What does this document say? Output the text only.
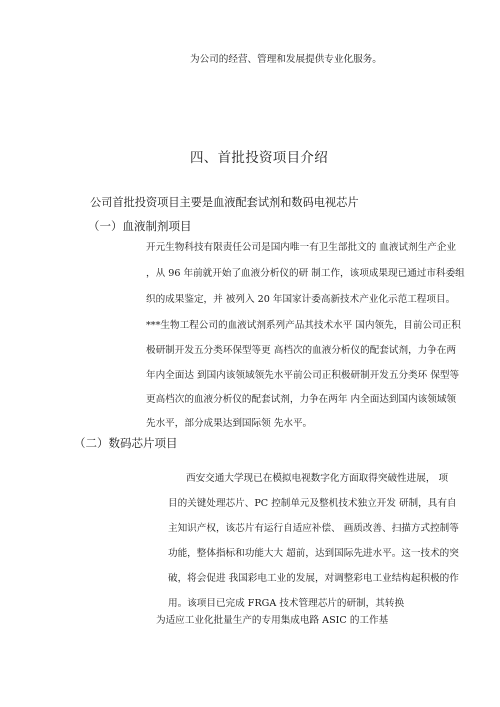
为公司的经营、管理和发展提供专业化服务。
四、首批投资项目介绍
公司首批投资项目主要是血液配套试剂和数码电视芯片
（一）血液制剂项目
开元生物科技有限责任公司是国内唯一有卫生部批文的 血液试剂生产企业
，从 96 年前就开始了血液分析仪的研 制工作，该项成果现已通过市科委组
织的成果鉴定，并 被列入 20 年国家计委高新技术产业化示范工程项目。
***生物工程公司的血液试剂系列产品其技术水平 国内领先，目前公司正积
极研制开发五分类环保型等更 高档次的血液分析仪的配套试剂，力争在两
年内全面达 到国内该领域领先水平前公司正积极研制开发五分类环 保型等
更高档次的血液分析仪的配套试剂，力争在两年 内全面达到国内该领域领
先水平，部分成果达到国际领 先水平。
（二）数码芯片项目
西安交通大学现已在模拟电视数字化方面取得突破性进展， 项
目的关键处理芯片、PC 控制单元及整机技术独立开发 研制，具有自
主知识产权，该芯片有运行自适应补偿、 画质改善、扫描方式控制等
功能，整体指标和功能大大 超前，达到国际先进水平。这一技术的突
破，将会促进 我国彩电工业的发展，对调整彩电工业结构起积极的作
用。该项目已完成 FRGA 技术管理芯片的研制，其转换
为适应工业化批量生产的专用集成电路 ASIC 的工作基
